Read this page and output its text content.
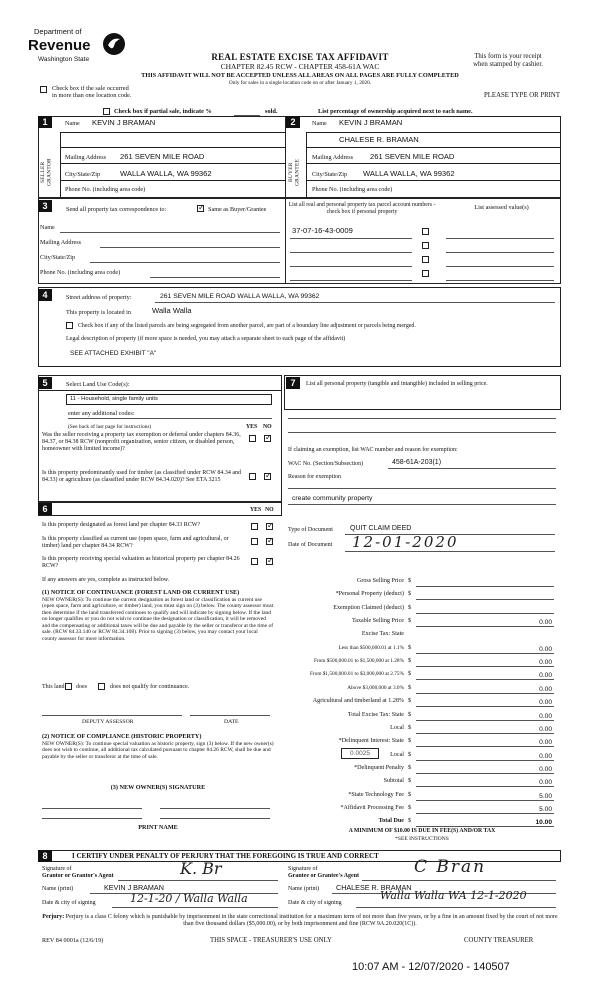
Department of
Revenue
Washington State	REAL ESTATE EXCISE TAX AFFIDAVIT
CHAPTER 82.45 RCW - CHAPTER 458-61A WAC
THIS AFFIDAVIT WILL NOT BE ACCEPTED UNLESS ALL AREAS ON ALL PAGES ARE FULLY COMPLETED
Only for sales in a single location code on or after January 1, 2020.
This form is your receipt
when stamped by cashier.
PLEASE TYPE OR PRINT
Check box if the sale occurred
in more than one location code.
Check box if partial sale, indicate %	sold.	List percentage of ownership acquired next to each name.
1	2
SELLER GRANTOR
Name KEVIN J BRAMAN
Mailing Address 261 SEVEN MILE ROAD
City/State/Zip	WALLA WALLA, WA 99362
Phone No. (including area code)
BUYER GRANTEE
Name KEVIN J BRAMAN
CHALESE R. BRAMAN
Mailing Address 261 SEVEN MILE ROAD
City/State/Zip WALLA WALLA, WA 99362
Phone No. (including area code)
3	Send all property tax correspondence to:
✓	Same as Buyer/Grantee
List all real and personal property tax parcel account numbers - check box if personal property
List assessed value(s)
Name
Mailing Address
City/State/Zip
Phone No. (including area code)
37-07-16-43-0009
4	Street address of property:	261 SEVEN MILE ROAD WALLA WALLA, WA 99362
This property is located in	Walla Walla
Check box if any of the listed parcels are being segregated from another parcel, are part of a boundary line adjustment or parcels being merged.
Legal description of property (if more space is needed, you may attach a separate sheet to each page of the affidavit)
SEE ATTACHED EXHIBIT "A"
5	Select Land Use Code(s):
11 - Household, single family units
enter any additional codes:
(See back of last page for instructions)	YES NO
Was the seller receiving a property tax exemption or deferral under chapters 84.36, 84.37, or 84.38 RCW (nonprofit organization, senior citizen, or disabled person, homeowner with limited income)?
✓
Is this property predominantly used for timber (as classified under RCW 84.34 and 84.33) or agriculture (as classified under RCW 84.34.020)? See ETA 3215
✓
6	YES NO
Is this property designated as forest land per chapter 84.33 RCW?
✓
Is this property classified as current use (open space, farm and agricultural, or timber) land per chapter 84.34 RCW?
✓
Is this property receiving special valuation as historical property per chapter 84.26 RCW?
✓
If any answers are yes, complete as instructed below.
(1) NOTICE OF CONTINUANCE (FOREST LAND OR CURRENT USE)
NEW OWNER(S): To continue the current designation as forest land or classification as current use (open space, farm and agriculture, or timber) land, you must sign on (3) below. The county assessor must then determine if the land transferred continues to qualify and will indicate by signing below. If the land no longer qualifies or you do not wish to continue the designation or classification, it will be removed and the compensating or additional taxes will be due and payable by the seller or transferor at the time of sale. (RCW 84.33.140 or RCW 84.34.108). Prior to signing (3) below, you may contact your local county assessor for more information.
This land does	does not qualify for continuance.
DEPUTY ASSESSOR	DATE
(2) NOTICE OF COMPLIANCE (HISTORIC PROPERTY)
NEW OWNER(S): To continue special valuation as historic property, sign (3) below. If the new owner(s) does not wish to continue, all additional tax calculated pursuant to chapter 84.26 RCW, shall be due and payable by the seller or transferor at the time of sale.
(3) NEW OWNER(S) SIGNATURE
PRINT NAME
7	List all personal property (tangible and intangible) included in selling price.
If claiming an exemption, list WAC number and reason for exemption:
WAC No. (Section/Subsection)	458-61A-203(1)
Reason for exemption
create community property
Type of Document QUIT CLAIM DEED
Date of Document 12-01-2020
Gross Selling Price $
*Personal Property (deduct) $
Exemption Claimed (deduct) $
Taxable Selling Price $	0.00
Excise Tax: State
Less than $500,000.01 at 1.1% $	0.00
From $500,000.01 to $1,500,000 at 1.28% $	0.00
From $1,500,000.01 to $3,000,000 at 2.75% $	0.00
Above $3,000,000 at 3.0% $	0.00
Agricultural and timberland at 1.28% $	0.00
Total Excise Tax: State $	0.00
Local $	0.00
*Delinquent Interest: State $	0.00
Local $	0.00
*Delinquent Penalty $	0.00
Subtotal $	0.00
*State Technology Fee $	5.00
*Affidavit Processing Fee $	5.00
Total Due $	10.00
0.0025
A MINIMUM OF $10.00 IS DUE IN FEE(S) AND/OR TAX
*SEE INSTRUCTIONS
8	I CERTIFY UNDER PENALTY OF PERJURY THAT THE FOREGOING IS TRUE AND CORRECT
Signature of
Grantor or Grantor's Agent	K. Br
Name (print)	KEVIN J BRAMAN
Date & city of signing	12-1-20 / Walla Walla
Signature of
Grantee or Grantee's Agent	C Bran
Name (print) CHALESE R. BRAMAN
Date & city of signing
Walla Walla WA 12-1-2020
Perjury: Perjury is a class C felony which is punishable by imprisonment in the state correctional institution for a maximum term of not more than five years, or by a fine in an amount fixed by the court of not more than five thousand dollars ($5,000.00), or by both imprisonment and fine (RCW 9A.20.020(1C)).
REV 84 0001a (12/6/19)	THIS SPACE - TREASURER'S USE ONLY	COUNTY TREASURER
10:07 AM - 12/07/2020 - 140507
